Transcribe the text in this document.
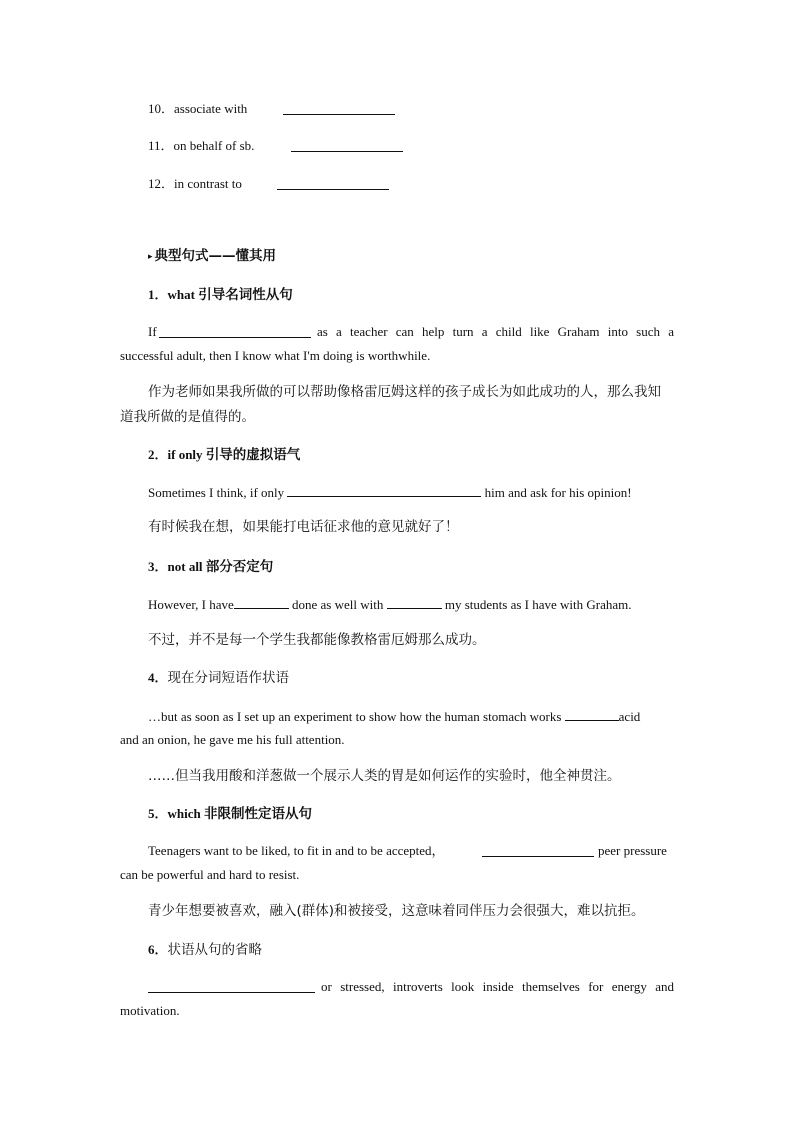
10．associate with
11．on behalf of sb.
12．in contrast to
▸ 典型句式——懂其用
1．what 引导名词性从句
If	as a teacher can help turn a child like Graham into such a
successful adult, then I know what I'm doing is worthwhile.
作为老师如果我所做的可以帮助像格雷厄姆这样的孩子成长为如此成功的人，那么我知
道我所做的是值得的。
2．if only 引导的虚拟语气
Sometimes I think, if only	him and ask for his opinion!
有时候我在想，如果能打电话征求他的意见就好了！
3．not all 部分否定句
However, I have	done as well with	my students as I have with Graham.
不过，并不是每一个学生我都能像教格雷厄姆那么成功。
4．现在分词短语作状语
…but as soon as I set up an experiment to show how the human stomach works	acid
and an onion, he gave me his full attention.
……但当我用酸和洋葱做一个展示人类的胃是如何运作的实验时，他全神贯注。
5．which 非限制性定语从句
Teenagers want to be liked, to fit in and to be accepted，	peer pressure
can be powerful and hard to resist.
青少年想要被喜欢，融入(群体)和被接受，这意味着同伴压力会很强大，难以抗拒。
6．状语从句的省略
or stressed, introverts look inside themselves for energy and
motivation.
